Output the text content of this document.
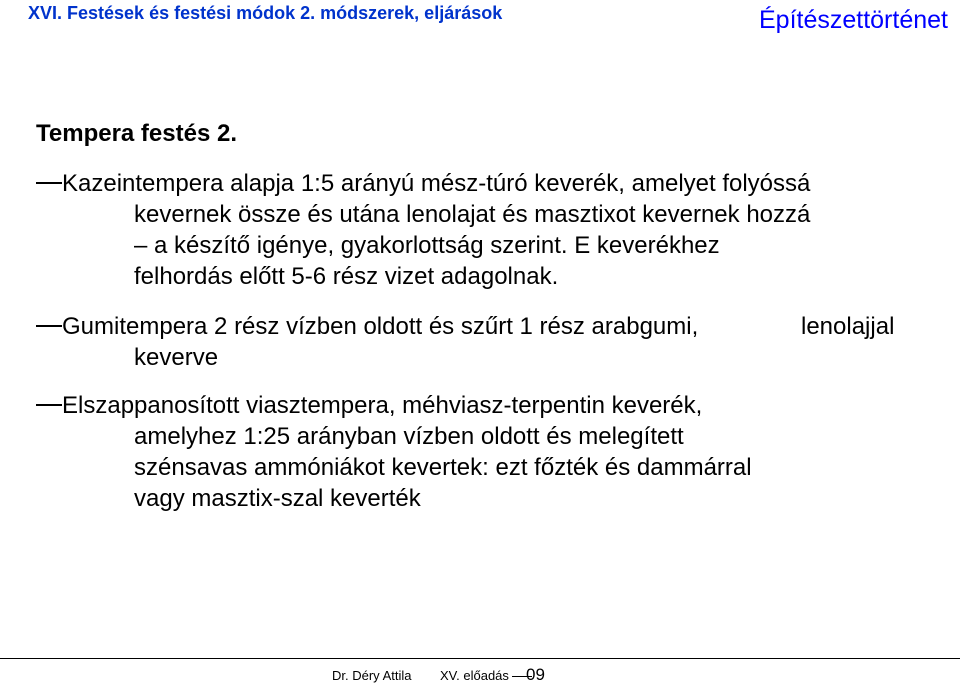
XVI. Festések és festési módok 2. módszerek, eljárások	Építészettörténet
Tempera festés 2.
Kazeintempera alapja 1:5 arányú mész-túró keverék, amelyet folyóssá
kevernek össze és utána lenolajat és masztixot kevernek hozzá
– a készítő igénye, gyakorlottság szerint. E keverékhez
felhordás előtt 5-6 rész vizet adagolnak.
Gumitempera 2 rész vízben oldott és szűrt 1 rész arabgumi,	lenolajjal
keverve
Elszappanosított viasztempera, méhviasz-terpentin keverék,
amelyhez 1:25 arányban vízben oldott és melegített
szénsavas ammóniákot kevertek: ezt főzték és dammárral
vagy masztix-szal keverték
Dr. Déry Attila XV. előadás	09
